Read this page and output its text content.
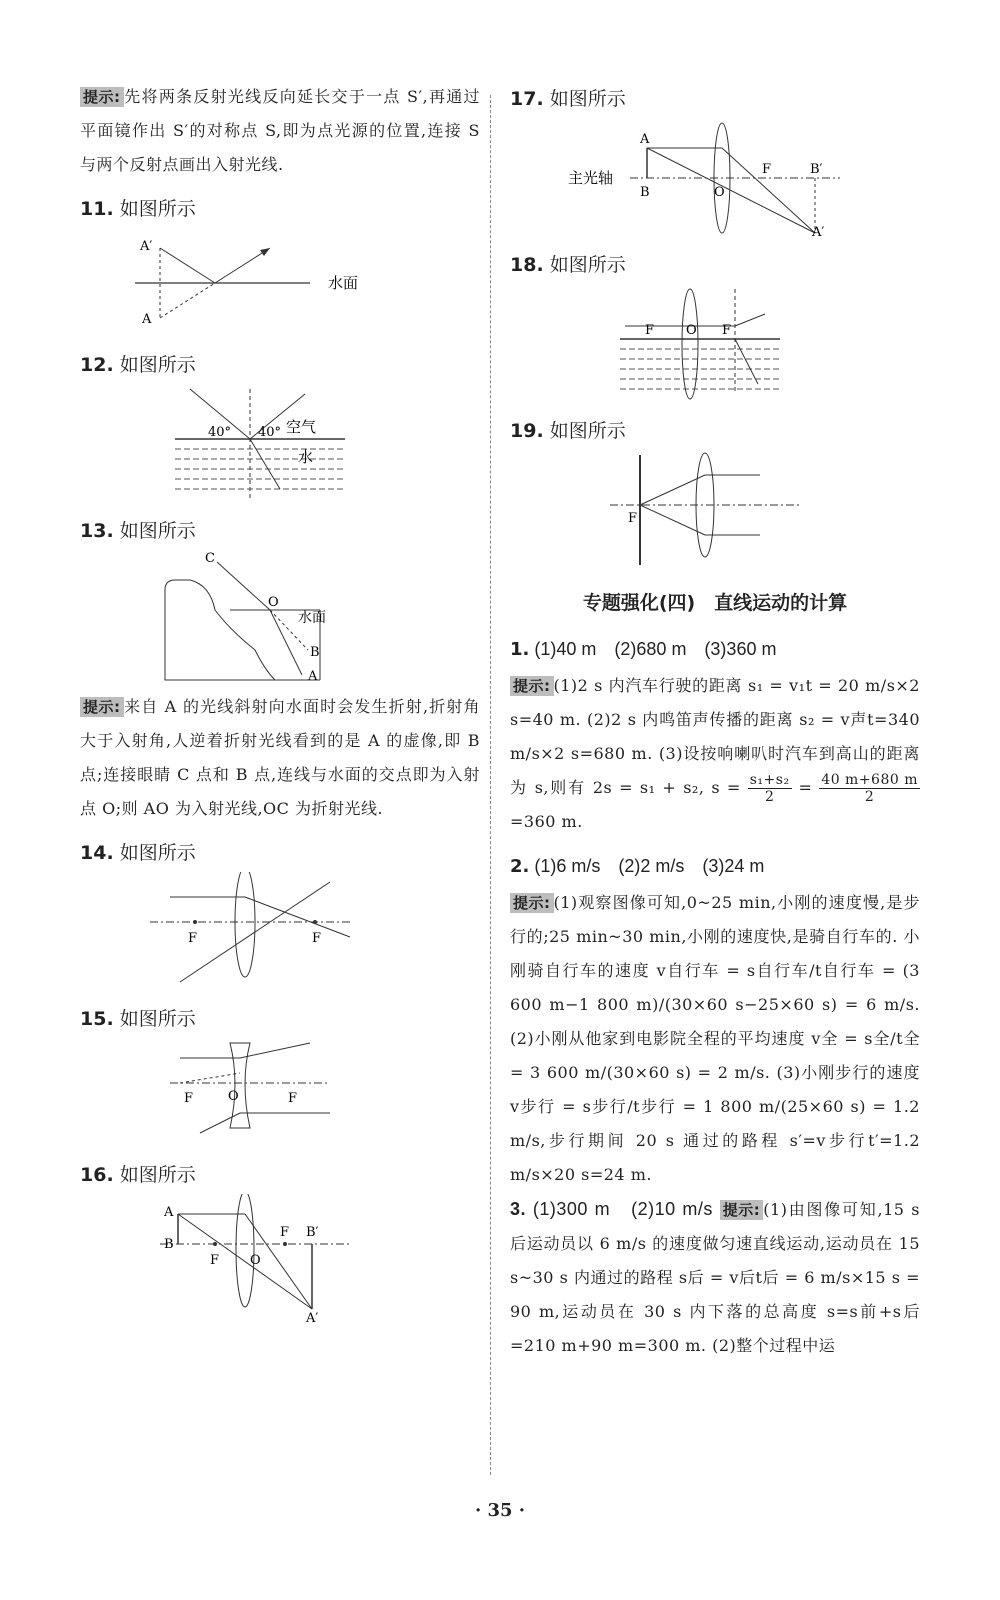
提示: 先将两条反射光线反向延长交于一点 S′,再通过平面镜作出 S′的对称点 S,即为点光源的位置,连接 S 与两个反射点画出入射光线.
11. 如图所示
A′
A
水面
12. 如图所示
40° 40° 空气
水
13. 如图所示
C
O
B
A
水面
提示: 来自 A 的光线斜射向水面时会发生折射,折射角大于入射角,人逆着折射光线看到的是 A 的虚像,即 B 点;连接眼睛 C 点和 B 点,连线与水面的交点即为入射点 O;则 AO 为入射光线,OC 为折射光线.
14. 如图所示
F	F
15. 如图所示
F	O	F
16. 如图所示
A
B
F O
F B′
A′
17. 如图所示
主光轴
A
B	O
F	B′
A′
18. 如图所示
F O F
19. 如图所示
F
专题强化(四)　直线运动的计算
1. (1)40 m　(2)680 m　(3)360 m
提示: (1)2 s 内汽车行驶的距离 s₁ = v₁t = 20 m/s×2 s=40 m. (2)2 s 内鸣笛声传播的距离 s₂ = v声t=340 m/s×2 s=680 m. (3)设按响喇叭时汽车到高山的距离为 s,则有 2s = s₁ + s₂, $s = \frac{\text{s₁+s₂}}{2} = \frac{40 m+680 m}{2} =360$ m.
2. (1)6 m/s　(2)2 m/s　(3)24 m
提示: (1)观察图像可知,0~25 min,小刚的速度慢,是步行的;25 min~30 min,小刚的速度快,是骑自行车的. 小刚骑自行车的速度 v自行车 = s自行车/t自行车 = (3 600 m−1 800 m)/(30×60 s−25×60 s) = 6 m/s. (2)小刚从他家到电影院全程的平均速度 v全 = s全/t全 = 3 600 m/(30×60 s) = 2 m/s. (3)小刚步行的速度 v步行 = s步行/t步行 = 1 800 m/(25×60 s) = 1.2 m/s,步行期间 20 s 通过的路程 s′=v步行t′=1.2 m/s×20 s=24 m.
3. (1)300 m　(2)10 m/s 提示: (1)由图像可知,15 s 后运动员以 6 m/s 的速度做匀速直线运动,运动员在 15 s~30 s 内通过的路程 s后 = v后t后 = 6 m/s×15 s = 90 m,运动员在 30 s 内下落的总高度 s=s前+s后=210 m+90 m=300 m. (2)整个过程中运
· 35 ·
